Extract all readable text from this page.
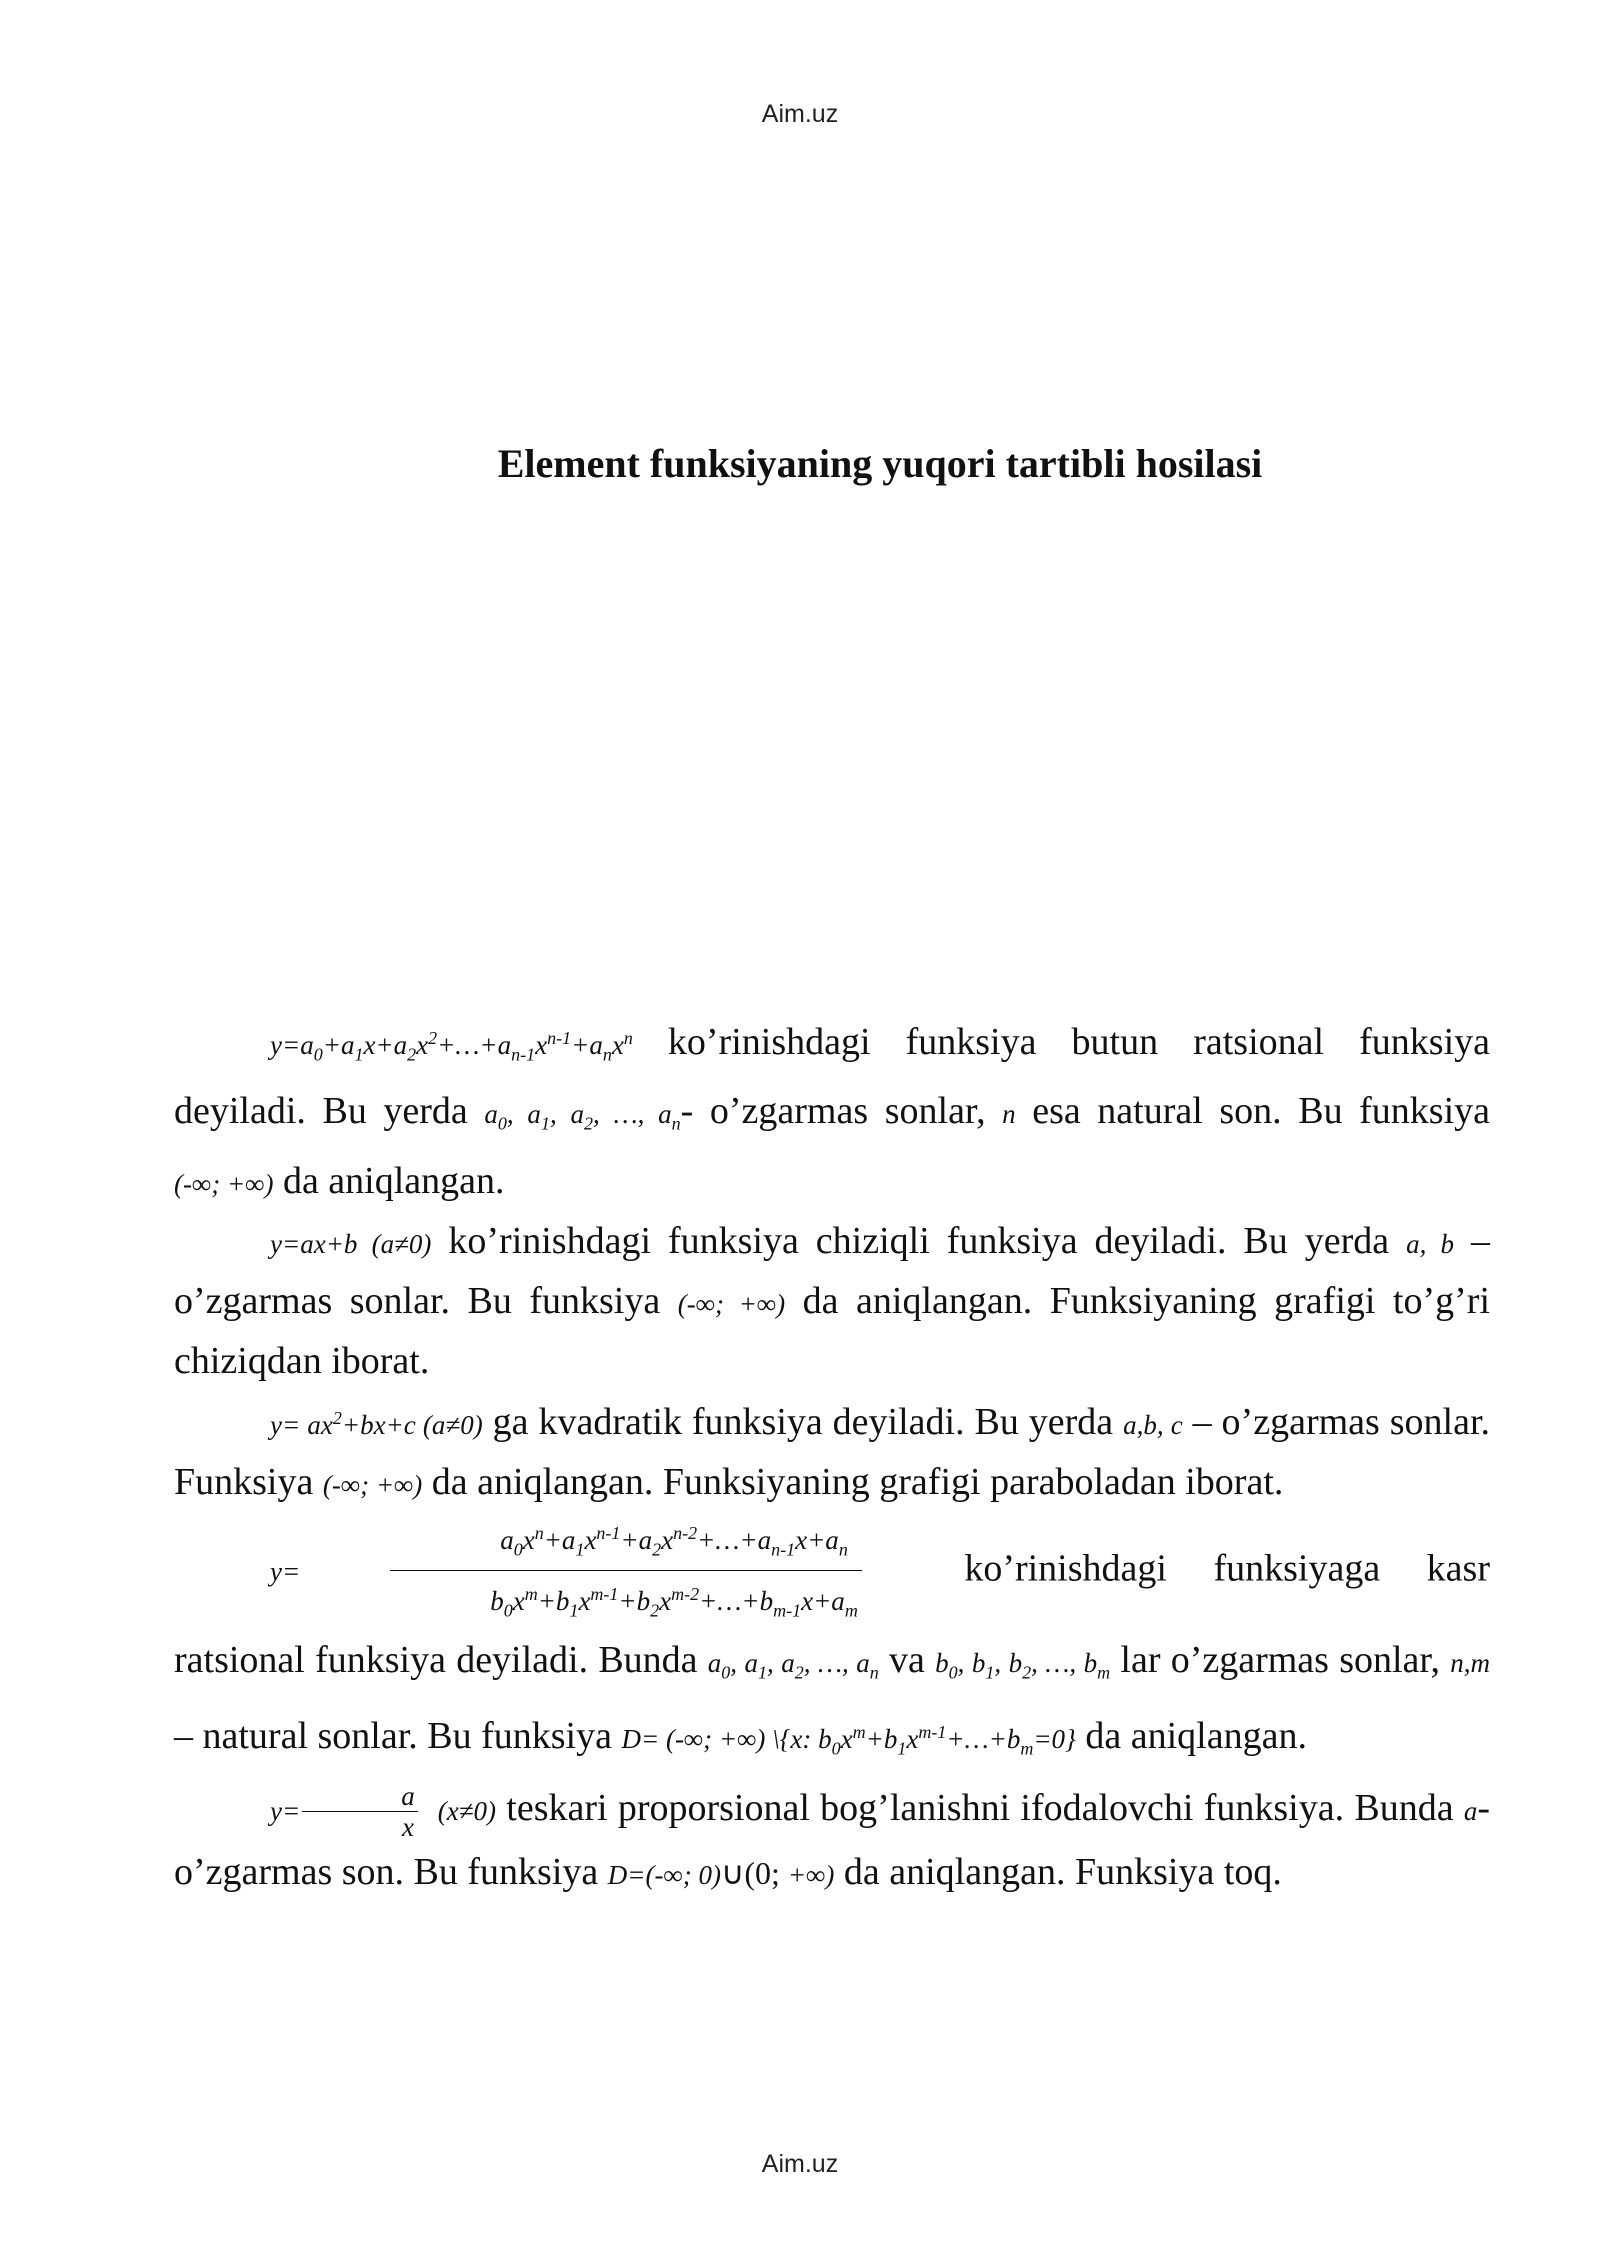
Aim.uz
Element funksiyaning yuqori tartibli hosilasi

$y=a_0+a_1x+a_2x^2+\dots+a_{n-1}x^{n-1}+a_nx^n$ ko’rinishdagi funksiya butun ratsional funksiya deyiladi. Bu yerda $a_0$, $a_1$, $a_2$, …, $a_n-$ o’zgarmas sonlar, n esa natural son. Bu funksiya (-∞; +∞) da aniqlangan.

y=ax+b (a≠0) ko’rinishdagi funksiya chiziqli funksiya deyiladi. Bu yerda a, b – o’zgarmas sonlar. Bu funksiya (-∞; +∞) da aniqlangan. Funksiyaning grafigi to’g’ri chiziqdan iborat.

$y= ax^2+bx+c$ (a≠0) ga kvadratik funksiya deyiladi. Bu yerda a,b, c – o’zgarmas sonlar. Funksiya (-∞; +∞) da aniqlangan. Funksiyaning grafigi paraboladan iborat.

y=	$\frac{a_0x^n+a_1x^{n-1}+a_2x^{n-2}+\dots+a_{n-1}x+a_n}{b_0x^m+b_1x^{m-1}+b_2x^{m-2}+\dots+b_{m-1}x+a_m}$ ko’rinishdagi funksiyaga kasr ratsional funksiya deyiladi. Bunda $a_0$, $a_1$, $a_2$, …, $a_n$ va $b_0$, $b_1$, $b_2$, …, $b_m$ lar o’zgarmas sonlar, n,m – natural sonlar. Bu funksiya D= (-∞; +∞) \{x: $b_0x^m+b_1x^{m-1}+\dots+b_m=0$} da aniqlangan.

$y= \frac{a}{x} (x\ne 0)$ teskari proporsional bog’lanishni ifodalovchi funksiya. Bunda a-o’zgarmas son. Bu funksiya D=(-∞; 0)∪(0; +∞) da aniqlangan. Funksiya toq.

Aim.uz
